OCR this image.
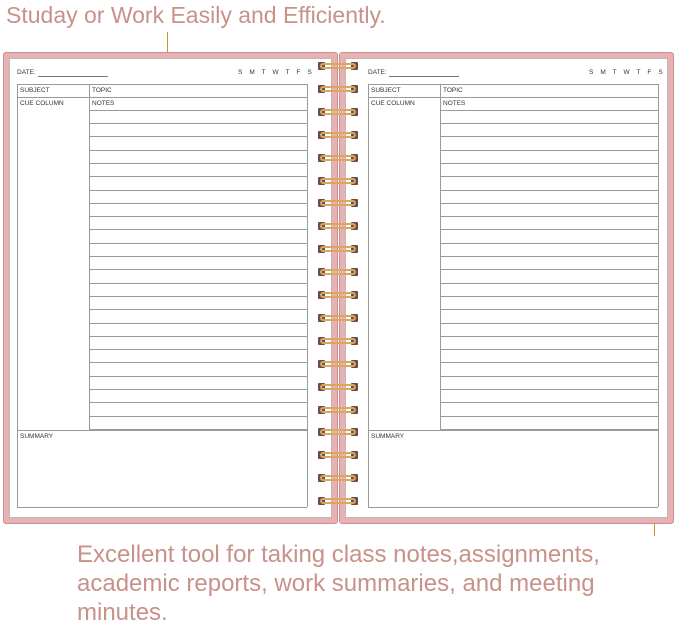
Studay or Work Easily and Efficiently.
DATE:	S M T W T F S
SUBJECT	TOPIC
CUE COLUMN	NOTES
SUMMARY
DATE:	S M T W T F S
SUBJECT	TOPIC
CUE COLUMN	NOTES
SUMMARY
Excellent tool for taking class notes,assignments, academic reports, work summaries, and meeting minutes.
